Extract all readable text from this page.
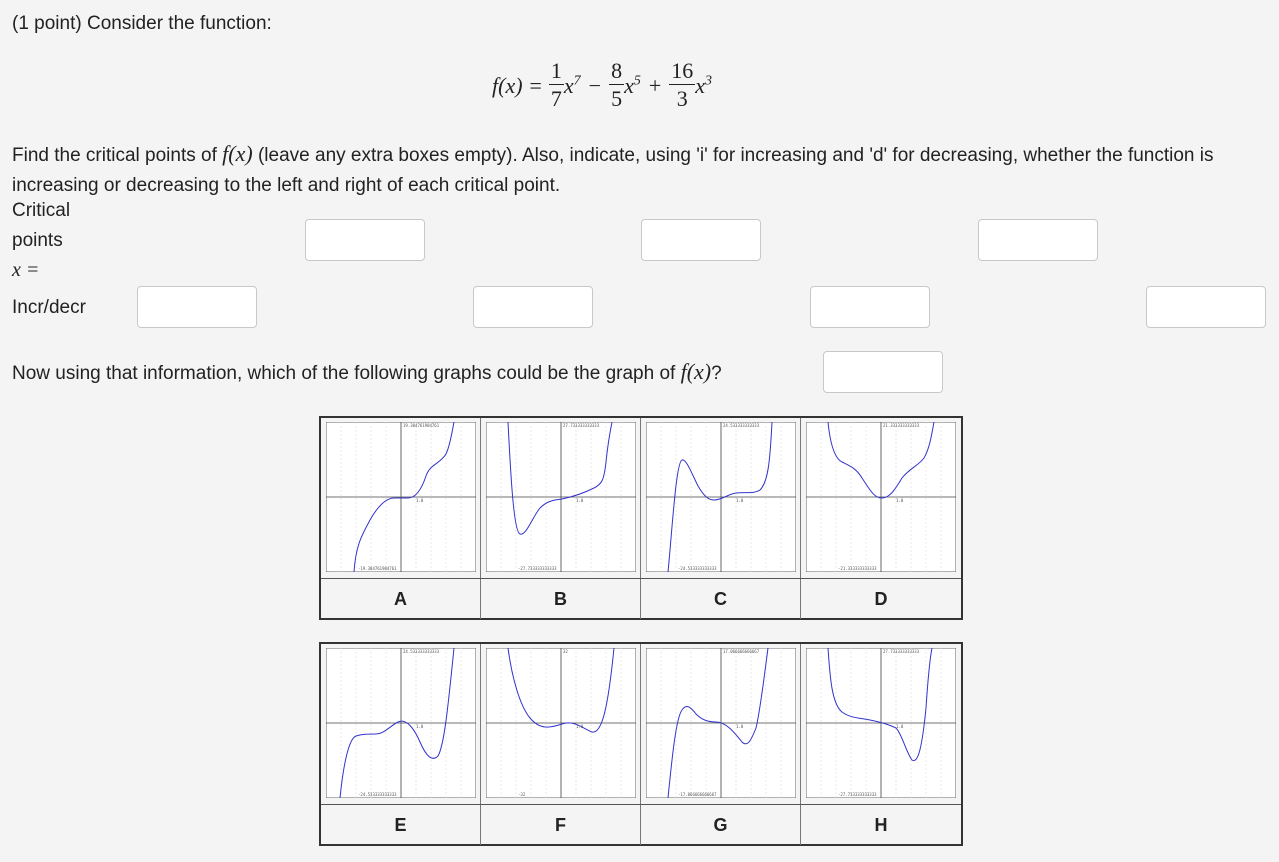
(1 point) Consider the function:
$f(x) = \frac{1}{7} x^7 - \frac{8}{5} x^5 + \frac{16}{3} x^3$
Find the critical points of f(x) (leave any extra boxes empty). Also, indicate, using 'i' for increasing and 'd' for decreasing, whether the function is increasing or decreasing to the left and right of each critical point.
Critical
points
x =
Incr/decr
Now using that information, which of the following graphs could be the graph of f(x)?
19.304761904761
-19.304761904761
1.0
27.733333333333
-27.733333333333
1.0
24.533333333333
-24.533333333333
1.0
21.333333333333
-21.333333333333
1.0
A	B	C	D
24.533333333333
-24.533333333333
1.0
32
-32
1.0
17.066666666667
-17.066666666667
1.0
27.733333333333
-27.733333333333
1.0
E	F	G	H
